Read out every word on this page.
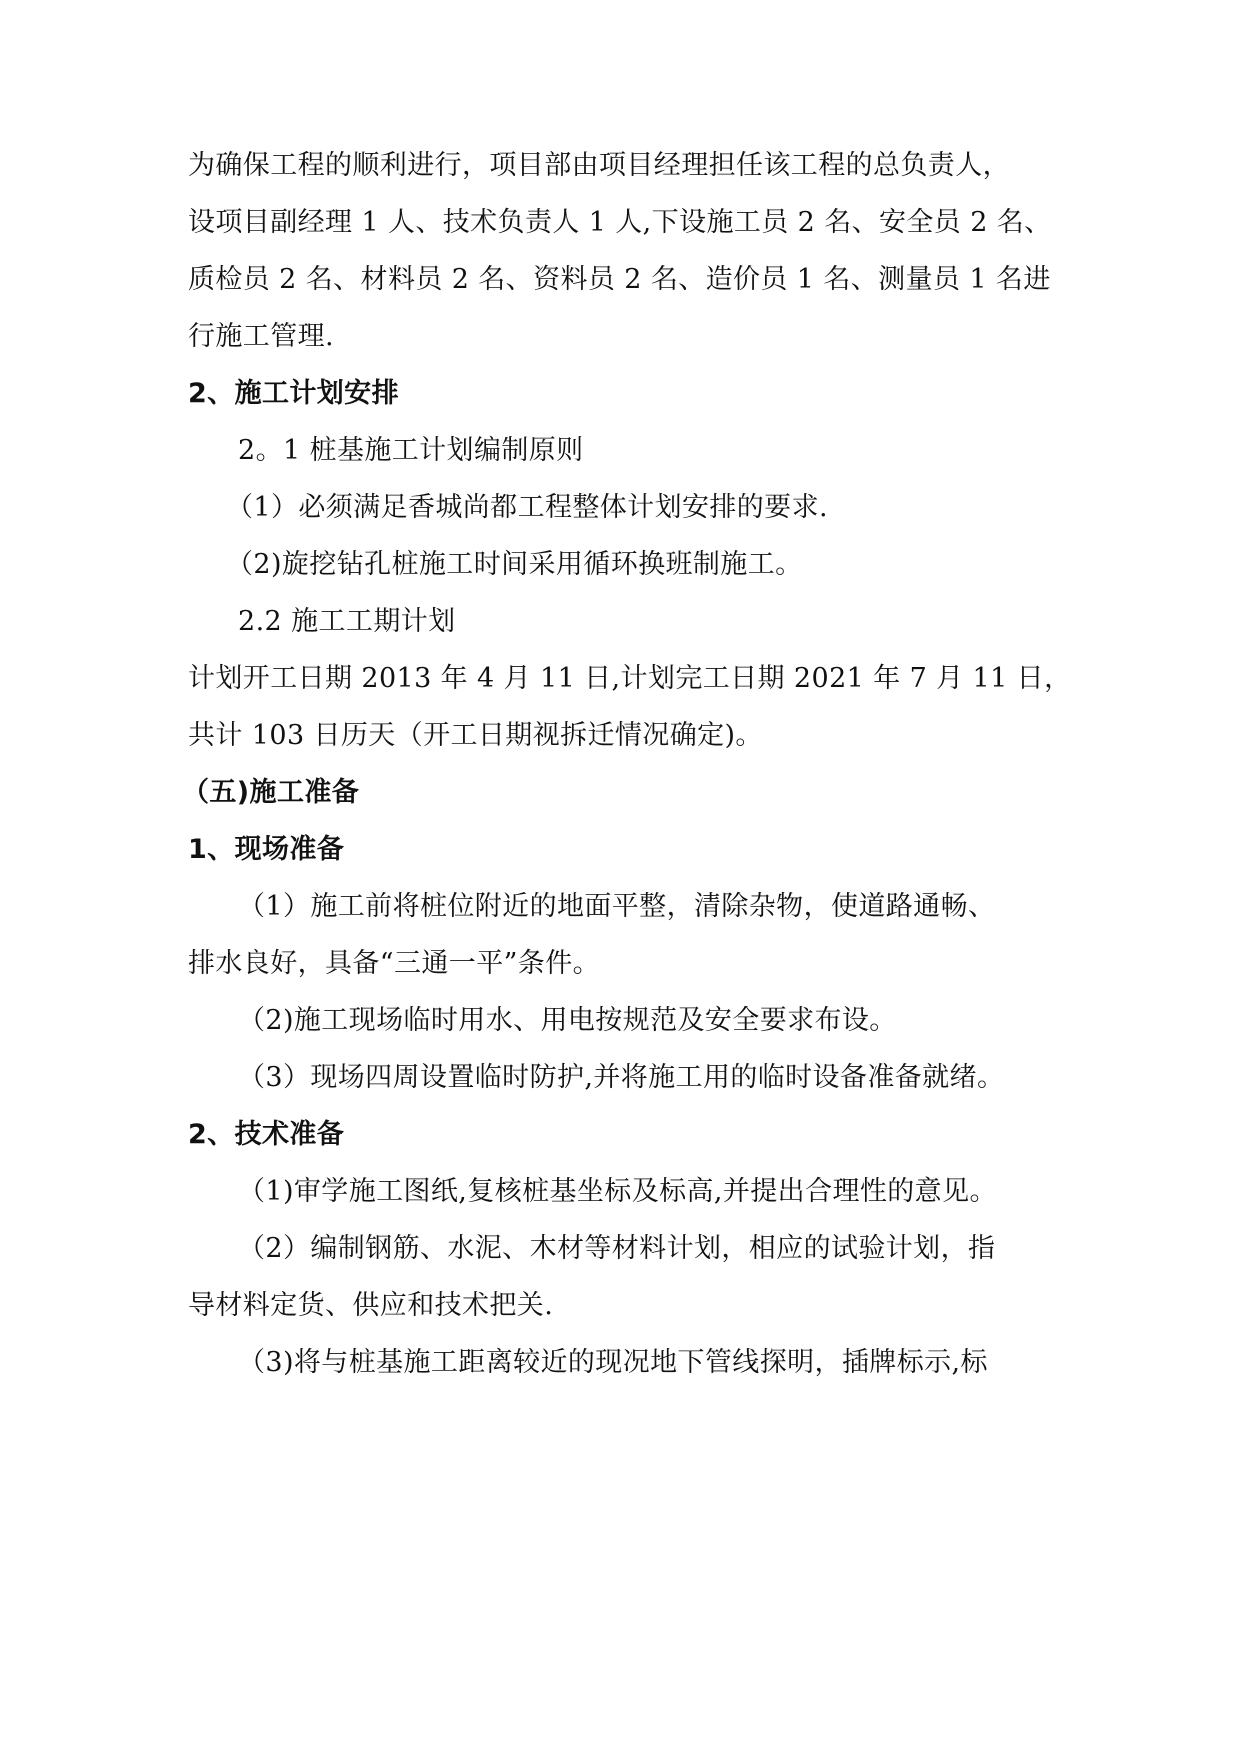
为确保工程的顺利进行，项目部由项目经理担任该工程的总负责人，
设项目副经理 1 人、技术负责人 1 人,下设施工员 2 名、安全员 2 名、
质检员 2 名、材料员 2 名、资料员 2 名、造价员 1 名、测量员 1 名进
行施工管理.
2、施工计划安排
2。1 桩基施工计划编制原则
（1）必须满足香城尚都工程整体计划安排的要求.
（2)旋挖钻孔桩施工时间采用循环换班制施工。
2.2 施工工期计划
计划开工日期 2013 年 4 月 11 日,计划完工日期 2021 年 7 月 11 日，
共计 103 日历天（开工日期视拆迁情况确定)。
（五)施工准备
1、现场准备
（1）施工前将桩位附近的地面平整，清除杂物，使道路通畅、
排水良好，具备“三通一平”条件。
（2)施工现场临时用水、用电按规范及安全要求布设。
（3）现场四周设置临时防护,并将施工用的临时设备准备就绪。
2、技术准备
（1)审学施工图纸,复核桩基坐标及标高,并提出合理性的意见。
（2）编制钢筋、水泥、木材等材料计划，相应的试验计划，指
导材料定货、供应和技术把关.
（3)将与桩基施工距离较近的现况地下管线探明，插牌标示,标
